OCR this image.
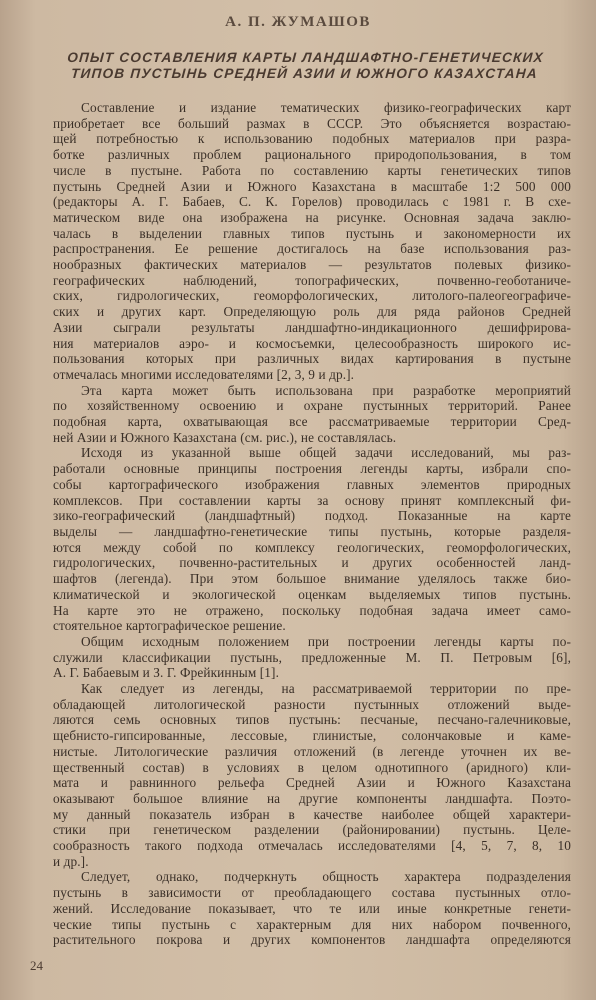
А. П. ЖУМАШОВ
ОПЫТ СОСТАВЛЕНИЯ КАРТЫ ЛАНДШАФТНО-ГЕНЕТИЧЕСКИХ
ТИПОВ ПУСТЫНЬ СРЕДНЕЙ АЗИИ И ЮЖНОГО КАЗАХСТАНА
Составление и издание тематических физико-географических карт
приобретает все больший размах в СССР. Это объясняется возрастаю-
щей потребностью к использованию подобных материалов при разра-
ботке различных проблем рационального природопользования, в том
числе в пустыне. Работа по составлению карты генетических типов
пустынь Средней Азии и Южного Казахстана в масштабе 1:2 500 000
(редакторы А. Г. Бабаев, С. К. Горелов) проводилась с 1981 г. В схе-
матическом виде она изображена на рисунке. Основная задача заклю-
чалась в выделении главных типов пустынь и закономерности их
распространения. Ее решение достигалось на базе использования раз-
нообразных фактических материалов — результатов полевых физико-
географических наблюдений, топографических, почвенно-геоботаниче-
ских, гидрологических, геоморфологических, литолого-палеогеографиче-
ских и других карт. Определяющую роль для ряда районов Средней
Азии сыграли результаты ландшафтно-индикационного дешифрирова-
ния материалов аэро- и космосъемки, целесообразность широкого ис-
пользования которых при различных видах картирования в пустыне
отмечалась многими исследователями [2, 3, 9 и др.].
Эта карта может быть использована при разработке мероприятий
по хозяйственному освоению и охране пустынных территорий. Ранее
подобная карта, охватывающая все рассматриваемые территории Сред-
ней Азии и Южного Казахстана (см. рис.), не составлялась.
Исходя из указанной выше общей задачи исследований, мы раз-
работали основные принципы построения легенды карты, избрали спо-
собы картографического изображения главных элементов природных
комплексов. При составлении карты за основу принят комплексный фи-
зико-географический (ландшафтный) подход. Показанные на карте
выделы — ландшафтно-генетические типы пустынь, которые разделя-
ются между собой по комплексу геологических, геоморфологических,
гидрологических, почвенно-растительных и других особенностей ланд-
шафтов (легенда). При этом большое внимание уделялось также био-
климатической и экологической оценкам выделяемых типов пустынь.
На карте это не отражено, поскольку подобная задача имеет само-
стоятельное картографическое решение.
Общим исходным положением при построении легенды карты по-
служили классификации пустынь, предложенные М. П. Петровым [6],
А. Г. Бабаевым и З. Г. Фрейкинным [1].
Как следует из легенды, на рассматриваемой территории по пре-
обладающей литологической разности пустынных отложений выде-
ляются семь основных типов пустынь: песчаные, песчано-галечниковые,
щебнисто-гипсированные, лессовые, глинистые, солончаковые и каме-
нистые. Литологические различия отложений (в легенде уточнен их ве-
щественный состав) в условиях в целом однотипного (аридного) кли-
мата и равнинного рельефа Средней Азии и Южного Казахстана
оказывают большое влияние на другие компоненты ландшафта. Поэто-
му данный показатель избран в качестве наиболее общей характери-
стики при генетическом разделении (районировании) пустынь. Целе-
сообразность такого подхода отмечалась исследователями [4, 5, 7, 8, 10
и др.].
Следует, однако, подчеркнуть общность характера подразделения
пустынь в зависимости от преобладающего состава пустынных отло-
жений. Исследование показывает, что те или иные конкретные генети-
ческие типы пустынь с характерным для них набором почвенного,
растительного покрова и других компонентов ландшафта определяются
24
